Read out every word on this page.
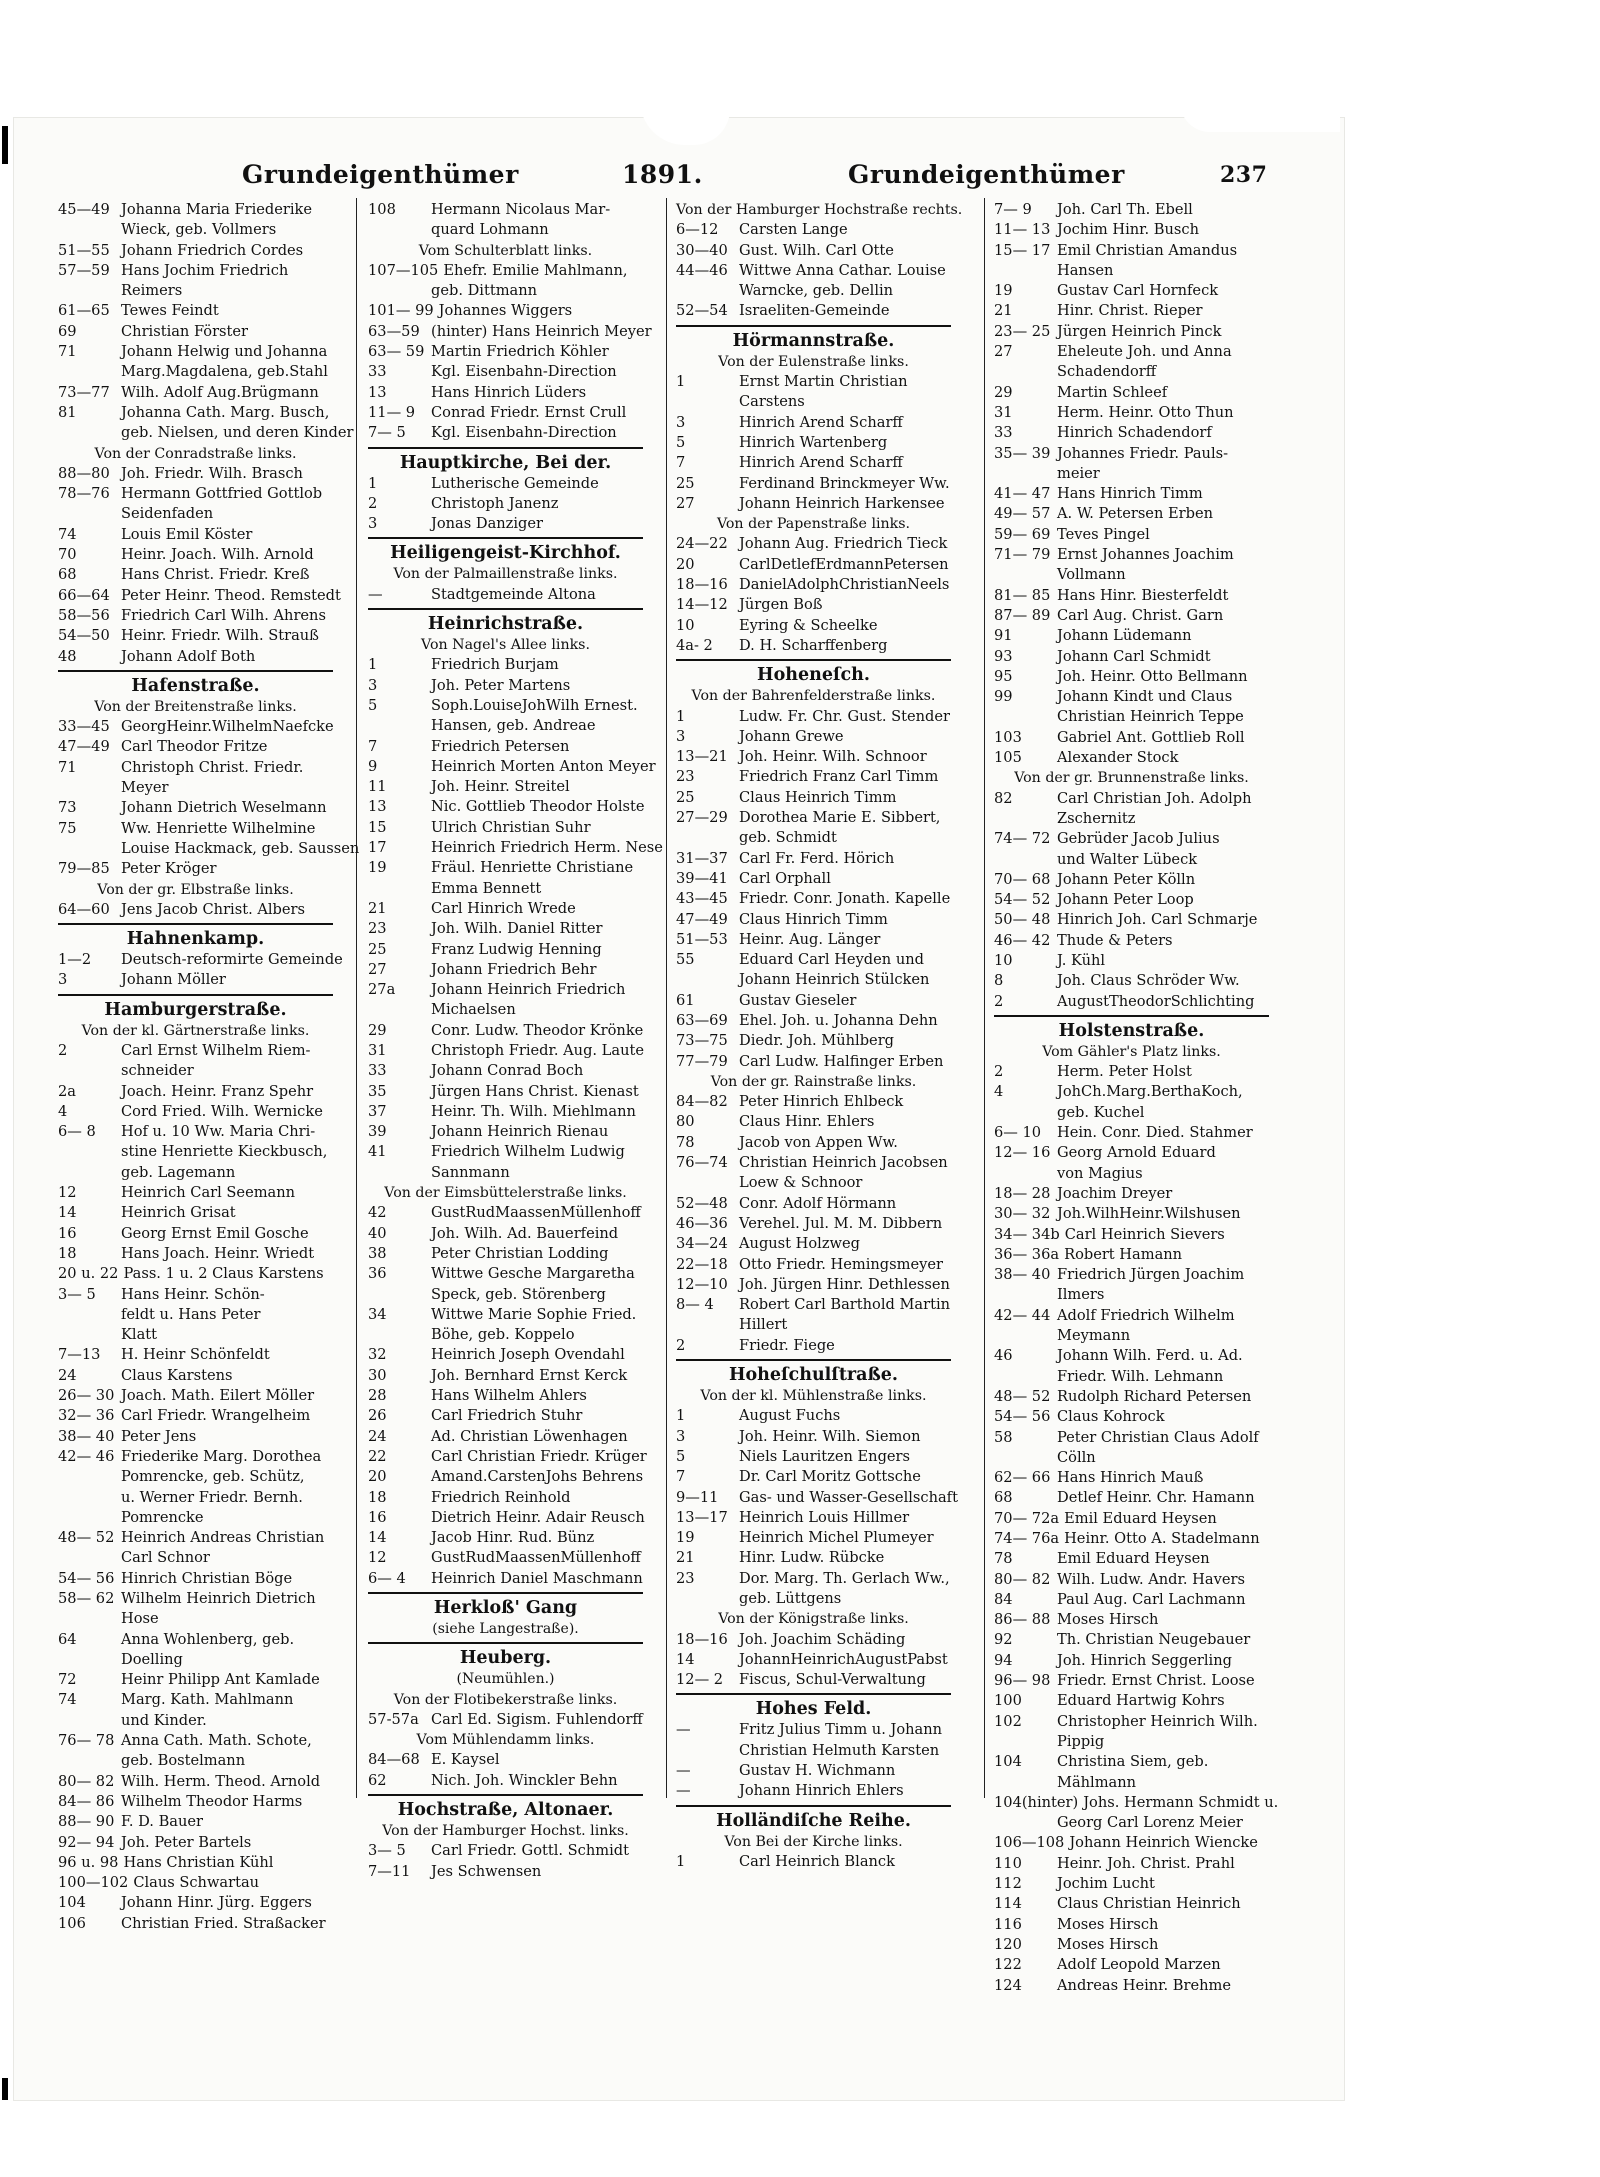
Grundeigenthümer	1891.	Grundeigenthümer	237
45—49 Johanna Maria Friederike
Wieck, geb. Vollmers
51—55 Johann Friedrich Cordes
57—59 Hans Jochim Friedrich
Reimers
61—65 Tewes Feindt
69	Christian Förster
71	Johann Helwig und Johanna
Marg.Magdalena, geb.Stahl
73—77 Wilh. Adolf Aug.Brügmann
81	Johanna Cath. Marg. Busch,
geb. Nielsen, und deren Kinder
Von der Conradstraße links.
88—80 Joh. Friedr. Wilh. Brasch
78—76 Hermann Gottfried Gottlob
Seidenfaden
74	Louis Emil Köster
70	Heinr. Joach. Wilh. Arnold
68	Hans Christ. Friedr. Kreß
66—64 Peter Heinr. Theod. Remstedt
58—56 Friedrich Carl Wilh. Ahrens
54—50 Heinr. Friedr. Wilh. Strauß
48	Johann Adolf Both
Hafenstraße.
Von der Breitenstraße links.
33—45 GeorgHeinr.WilhelmNaefcke
47—49 Carl Theodor Fritze
71	Christoph Christ. Friedr.
Meyer
73	Johann Dietrich Weselmann
75	Ww. Henriette Wilhelmine
Louise Hackmack, geb. Saussen
79—85 Peter Kröger
Von der gr. Elbstraße links.
64—60 Jens Jacob Christ. Albers
Hahnenkamp.
1—2	Deutsch-reformirte Gemeinde
3	Johann Möller
Hamburgerstraße.
Von der kl. Gärtnerstraße links.
2	Carl Ernst Wilhelm Riem-
schneider
2a	Joach. Heinr. Franz Spehr
4	Cord Fried. Wilh. Wernicke
6— 8	Hof u. 10 Ww. Maria Chri-
stine Henriette Kieckbusch,
geb. Lagemann
12	Heinrich Carl Seemann
14	Heinrich Grisat
16	Georg Ernst Emil Gosche
18	Hans Joach. Heinr. Wriedt
20 u. 22 Pass. 1 u. 2 Claus Karstens
3— 5	Hans Heinr. Schön-
feldt u. Hans Peter
Klatt
7—13	H. Heinr Schönfeldt
24	Claus Karstens
26— 30 Joach. Math. Eilert Möller
32— 36 Carl Friedr. Wrangelheim
38— 40 Peter Jens
42— 46 Friederike Marg. Dorothea
Pomrencke, geb. Schütz,
u. Werner Friedr. Bernh.
Pomrencke
48— 52 Heinrich Andreas Christian
Carl Schnor
54— 56 Hinrich Christian Böge
58— 62 Wilhelm Heinrich Dietrich
Hose
64	Anna Wohlenberg, geb.
Doelling
72	Heinr Philipp Ant Kamlade
74	Marg. Kath. Mahlmann
und Kinder.
76— 78 Anna Cath. Math. Schote,
geb. Bostelmann
80— 82 Wilh. Herm. Theod. Arnold
84— 86 Wilhelm Theodor Harms
88— 90 F. D. Bauer
92— 94 Joh. Peter Bartels
96 u. 98 Hans Christian Kühl
100—102 Claus Schwartau
104	Johann Hinr. Jürg. Eggers
106	Christian Fried. Straßacker
108	Hermann Nicolaus Mar-
quard Lohmann
Vom Schulterblatt links.
107—105 Ehefr. Emilie Mahlmann,
geb. Dittmann
101— 99 Johannes Wiggers
63—59 (hinter) Hans Heinrich Meyer
63— 59 Martin Friedrich Köhler
33	Kgl. Eisenbahn-Direction
13	Hans Hinrich Lüders
11— 9	Conrad Friedr. Ernst Crull
7— 5	Kgl. Eisenbahn-Direction
Hauptkirche, Bei der.
1	Lutherische Gemeinde
2	Christoph Janenz
3	Jonas Danziger
Heiligengeist-Kirchhof.
Von der Palmaillenstraße links.
—	Stadtgemeinde Altona
Heinrichstraße.
Von Nagel's Allee links.
1	Friedrich Burjam
3	Joh. Peter Martens
5	Soph.LouiseJohWilh Ernest.
Hansen, geb. Andreae
7	Friedrich Petersen
9	Heinrich Morten Anton Meyer
11	Joh. Heinr. Streitel
13	Nic. Gottlieb Theodor Holste
15	Ulrich Christian Suhr
17	Heinrich Friedrich Herm. Nese
19	Fräul. Henriette Christiane
Emma Bennett
21	Carl Hinrich Wrede
23	Joh. Wilh. Daniel Ritter
25	Franz Ludwig Henning
27	Johann Friedrich Behr
27a	Johann Heinrich Friedrich
Michaelsen
29	Conr. Ludw. Theodor Krönke
31	Christoph Friedr. Aug. Laute
33	Johann Conrad Boch
35	Jürgen Hans Christ. Kienast
37	Heinr. Th. Wilh. Miehlmann
39	Johann Heinrich Rienau
41	Friedrich Wilhelm Ludwig
Sannmann
Von der Eimsbüttelerstraße links.
42	GustRudMaassenMüllenhoff
40	Joh. Wilh. Ad. Bauerfeind
38	Peter Christian Lodding
36	Wittwe Gesche Margaretha
Speck, geb. Störenberg
34	Wittwe Marie Sophie Fried.
Böhe, geb. Koppelo
32	Heinrich Joseph Ovendahl
30	Joh. Bernhard Ernst Kerck
28	Hans Wilhelm Ahlers
26	Carl Friedrich Stuhr
24	Ad. Christian Löwenhagen
22	Carl Christian Friedr. Krüger
20	Amand.CarstenJohs Behrens
18	Friedrich Reinhold
16	Dietrich Heinr. Adair Reusch
14	Jacob Hinr. Rud. Bünz
12	GustRudMaassenMüllenhoff
6— 4	Heinrich Daniel Maschmann
Herkloß' Gang
(siehe Langestraße).
Heuberg.
(Neumühlen.)
Von der Flotibekerstraße links.
57-57a Carl Ed. Sigism. Fuhlendorff
Vom Mühlendamm links.
84—68 E. Kaysel
62	Nich. Joh. Winckler Behn
Hochstraße, Altonaer.
Von der Hamburger Hochst. links.
3— 5	Carl Friedr. Gottl. Schmidt
7—11	Jes Schwensen
Von der Hamburger Hochstraße rechts.
6—12	Carsten Lange
30—40 Gust. Wilh. Carl Otte
44—46 Wittwe Anna Cathar. Louise
Warncke, geb. Dellin
52—54 Israeliten-Gemeinde
Hörmannstraße.
Von der Eulenstraße links.
1	Ernst Martin Christian
Carstens
3	Hinrich Arend Scharff
5	Hinrich Wartenberg
7	Hinrich Arend Scharff
25	Ferdinand Brinckmeyer Ww.
27	Johann Heinrich Harkensee
Von der Papenstraße links.
24—22 Johann Aug. Friedrich Tieck
20	CarlDetlefErdmannPetersen
18—16 DanielAdolphChristianNeels
14—12 Jürgen Boß
10	Eyring & Scheelke
4a- 2	D. H. Scharffenberg
Hoheneſch.
Von der Bahrenfelderstraße links.
1	Ludw. Fr. Chr. Gust. Stender
3	Johann Grewe
13—21 Joh. Heinr. Wilh. Schnoor
23	Friedrich Franz Carl Timm
25	Claus Heinrich Timm
27—29 Dorothea Marie E. Sibbert,
geb. Schmidt
31—37 Carl Fr. Ferd. Hörich
39—41 Carl Orphall
43—45 Friedr. Conr. Jonath. Kapelle
47—49 Claus Hinrich Timm
51—53 Heinr. Aug. Länger
55	Eduard Carl Heyden und
Johann Heinrich Stülcken
61	Gustav Gieseler
63—69 Ehel. Joh. u. Johanna Dehn
73—75 Diedr. Joh. Mühlberg
77—79 Carl Ludw. Halfinger Erben
Von der gr. Rainstraße links.
84—82 Peter Hinrich Ehlbeck
80	Claus Hinr. Ehlers
78	Jacob von Appen Ww.
76—74 Christian Heinrich Jacobsen
Loew & Schnoor
52—48 Conr. Adolf Hörmann
46—36 Verehel. Jul. M. M. Dibbern
34—24 August Holzweg
22—18 Otto Friedr. Hemingsmeyer
12—10 Joh. Jürgen Hinr. Dethlessen
8— 4	Robert Carl Barthold Martin
Hillert
2	Friedr. Fiege
Hoheſchulſtraße.
Von der kl. Mühlenstraße links.
1	August Fuchs
3	Joh. Heinr. Wilh. Siemon
5	Niels Lauritzen Engers
7	Dr. Carl Moritz Gottsche
9—11	Gas- und Wasser-Gesellschaft
13—17 Heinrich Louis Hillmer
19	Heinrich Michel Plumeyer
21	Hinr. Ludw. Rübcke
23	Dor. Marg. Th. Gerlach Ww.,
geb. Lüttgens
Von der Königstraße links.
18—16 Joh. Joachim Schäding
14	JohannHeinrichAugustPabst
12— 2	Fiscus, Schul-Verwaltung
Hohes Feld.
—	Fritz Julius Timm u. Johann
Christian Helmuth Karsten
—	Gustav H. Wichmann
—	Johann Hinrich Ehlers
Holländiſche Reihe.
Von Bei der Kirche links.
1	Carl Heinrich Blanck
7— 9	Joh. Carl Th. Ebell
11— 13 Jochim Hinr. Busch
15— 17 Emil Christian Amandus
Hansen
19	Gustav Carl Hornfeck
21	Hinr. Christ. Rieper
23— 25 Jürgen Heinrich Pinck
27	Eheleute Joh. und Anna
Schadendorff
29	Martin Schleef
31	Herm. Heinr. Otto Thun
33	Hinrich Schadendorf
35— 39 Johannes Friedr. Pauls-
meier
41— 47 Hans Hinrich Timm
49— 57 A. W. Petersen Erben
59— 69 Teves Pingel
71— 79 Ernst Johannes Joachim
Vollmann
81— 85 Hans Hinr. Biesterfeldt
87— 89 Carl Aug. Christ. Garn
91	Johann Lüdemann
93	Johann Carl Schmidt
95	Joh. Heinr. Otto Bellmann
99	Johann Kindt und Claus
Christian Heinrich Teppe
103	Gabriel Ant. Gottlieb Roll
105	Alexander Stock
Von der gr. Brunnenstraße links.
82	Carl Christian Joh. Adolph
Zschernitz
74— 72 Gebrüder Jacob Julius
und Walter Lübeck
70— 68 Johann Peter Kölln
54— 52 Johann Peter Loop
50— 48 Hinrich Joh. Carl Schmarje
46— 42 Thude & Peters
10	J. Kühl
8	Joh. Claus Schröder Ww.
2	AugustTheodorSchlichting
Holstenstraße.
Vom Gähler's Platz links.
2	Herm. Peter Holst
4	JohCh.Marg.BerthaKoch,
geb. Kuchel
6— 10	Hein. Conr. Died. Stahmer
12— 16 Georg Arnold Eduard
von Magius
18— 28 Joachim Dreyer
30— 32 Joh.WilhHeinr.Wilshusen
34— 34b Carl Heinrich Sievers
36— 36a Robert Hamann
38— 40 Friedrich Jürgen Joachim
Ilmers
42— 44 Adolf Friedrich Wilhelm
Meymann
46	Johann Wilh. Ferd. u. Ad.
Friedr. Wilh. Lehmann
48— 52 Rudolph Richard Petersen
54— 56 Claus Kohrock
58	Peter Christian Claus Adolf
Cölln
62— 66 Hans Hinrich Mauß
68	Detlef Heinr. Chr. Hamann
70— 72a Emil Eduard Heysen
74— 76a Heinr. Otto A. Stadelmann
78	Emil Eduard Heysen
80— 82 Wilh. Ludw. Andr. Havers
84	Paul Aug. Carl Lachmann
86— 88 Moses Hirsch
92	Th. Christian Neugebauer
94	Joh. Hinrich Seggerling
96— 98 Friedr. Ernst Christ. Loose
100	Eduard Hartwig Kohrs
102	Christopher Heinrich Wilh.
Pippig
104	Christina Siem, geb.
Mählmann
104(hinter) Johs. Hermann Schmidt u.
Georg Carl Lorenz Meier
106—108 Johann Heinrich Wiencke
110	Heinr. Joh. Christ. Prahl
112	Jochim Lucht
114	Claus Christian Heinrich
116	Moses Hirsch
120	Moses Hirsch
122	Adolf Leopold Marzen
124	Andreas Heinr. Brehme
